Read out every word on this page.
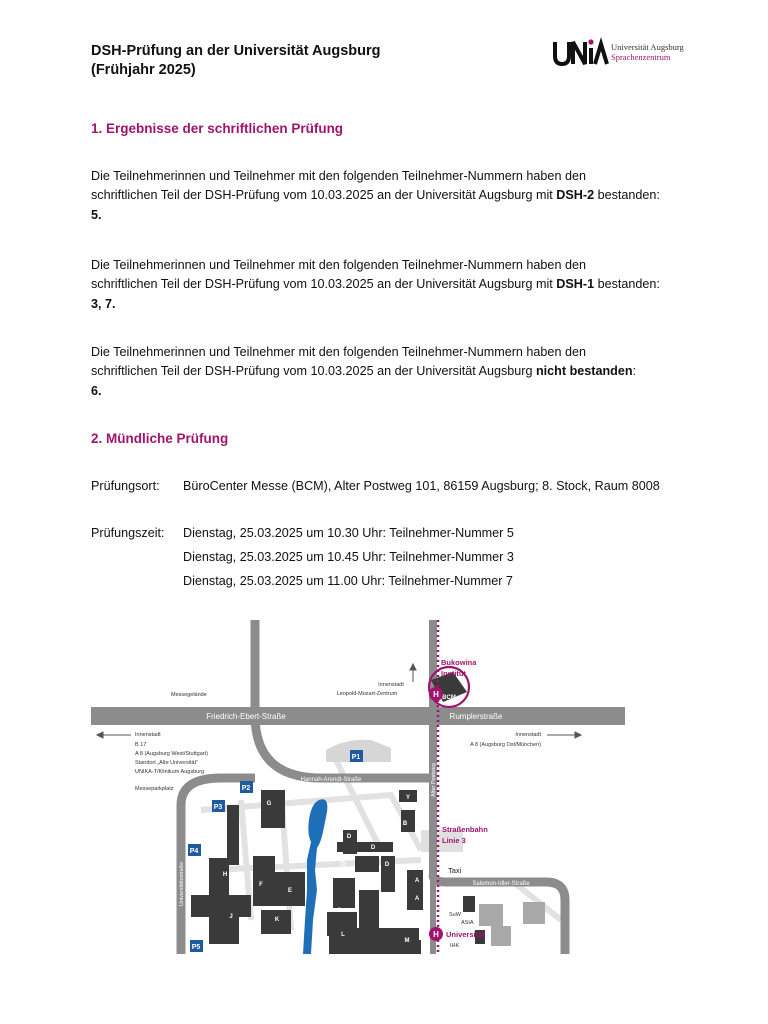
DSH-Prüfung an der Universität Augsburg
(Frühjahr 2025)
Universität Augsburg
Sprachenzentrum
1. Ergebnisse der schriftlichen Prüfung
Die Teilnehmerinnen und Teilnehmer mit den folgenden Teilnehmer-Nummern haben den
schriftlichen Teil der DSH-Prüfung vom 10.03.2025 an der Universität Augsburg mit DSH-2 bestanden:
5.
Die Teilnehmerinnen und Teilnehmer mit den folgenden Teilnehmer-Nummern haben den
schriftlichen Teil der DSH-Prüfung vom 10.03.2025 an der Universität Augsburg mit DSH-1 bestanden:
3, 7.
Die Teilnehmerinnen und Teilnehmer mit den folgenden Teilnehmer-Nummern haben den
schriftlichen Teil der DSH-Prüfung vom 10.03.2025 an der Universität Augsburg nicht bestanden:
6.
2. Mündliche Prüfung
Prüfungsort: BüroCenter Messe (BCM), Alter Postweg 101, 86159 Augsburg; 8. Stock, Raum 8008
Prüfungszeit: Dienstag, 25.03.2025 um 10.30 Uhr: Teilnehmer-Nummer 5
Dienstag, 25.03.2025 um 10.45 Uhr: Teilnehmer-Nummer 3
Dienstag, 25.03.2025 um 11.00 Uhr: Teilnehmer-Nummer 7
BCM
H
H
P1
P2
P3
P4
P5
G
Y
B
D
D
D	D
A
H
F
E
C
J	K
L
M
A
A
Friedrich-Ebert-Straße	Rumplerstraße
Hannah-Arendt-Straße
Salomon-Idler-Straße
Alter Postweg
Universitätsstraße
Bukowina
Institut
Straßenbahn
Linie 3
Universität
Taxi
Messegelände
Messeparkplatz
Innenstadt
Leopold-Mozart-Zentrum
Innenstadt
B 17
A 8 (Augsburg West/Stuttgart)
Standort „Alte Universität“
UNIKA-T/Klinikum Augsburg
Innenstadt
A 8 (Augsburg Ost/München)
SuW
AStA
IHK
